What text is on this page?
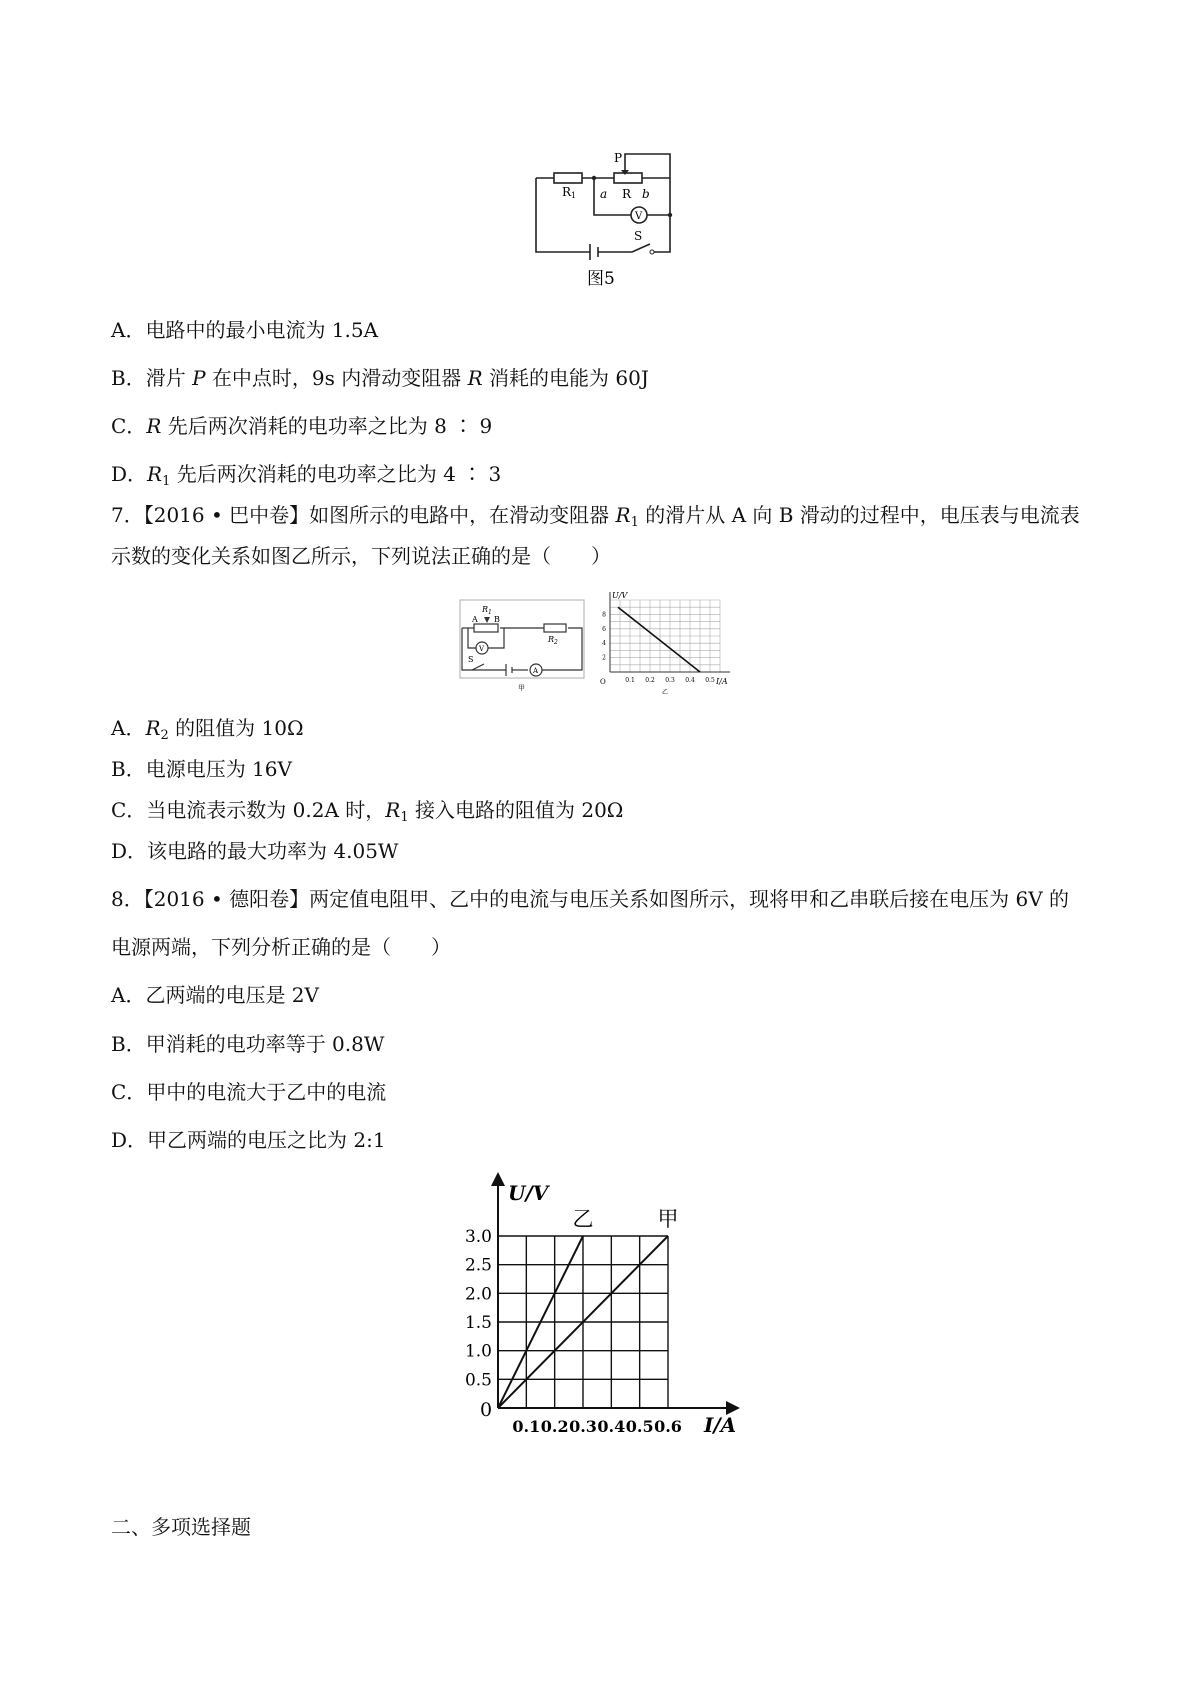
R1
P
a R b
V
S
图5
A．电路中的最小电流为 1.5A
B．滑片 P 在中点时，9s 内滑动变阻器 R 消耗的电能为 60J
C．R 先后两次消耗的电功率之比为 8 ∶ 9
D．$R_1$ 先后两次消耗的电功率之比为 4 ∶ 3
7．【2016 • 巴中卷】如图所示的电路中，在滑动变阻器 $R_1$ 的滑片从 A 向 B 滑动的过程中，电压表与电流表
示数的变化关系如图乙所示，下列说法正确的是（　　）
$R_1$
A B
$R_2$
V
S
A
甲
U/V
I/A
O
2
4
6
8
0.1 0.2 0.3 0.4 0.5
乙
A．$R_2$ 的阻值为 10Ω
B．电源电压为 16V
C．当电流表示数为 0.2A 时，$R_1$ 接入电路的阻值为 20Ω
D．该电路的最大功率为 4.05W
8．【2016 • 德阳卷】两定值电阻甲、乙中的电流与电压关系如图所示，现将甲和乙串联后接在电压为 6V 的
电源两端，下列分析正确的是（　　）
A．乙两端的电压是 2V
B．甲消耗的电功率等于 0.8W
C．甲中的电流大于乙中的电流
D．甲乙两端的电压之比为 2:1
0.5
1.0
1.5
2.0
2.5
3.0
0.1 0.2 0.3 0.4 0.5 0.6
乙	甲
U/V
I/A
0
二、多项选择题
